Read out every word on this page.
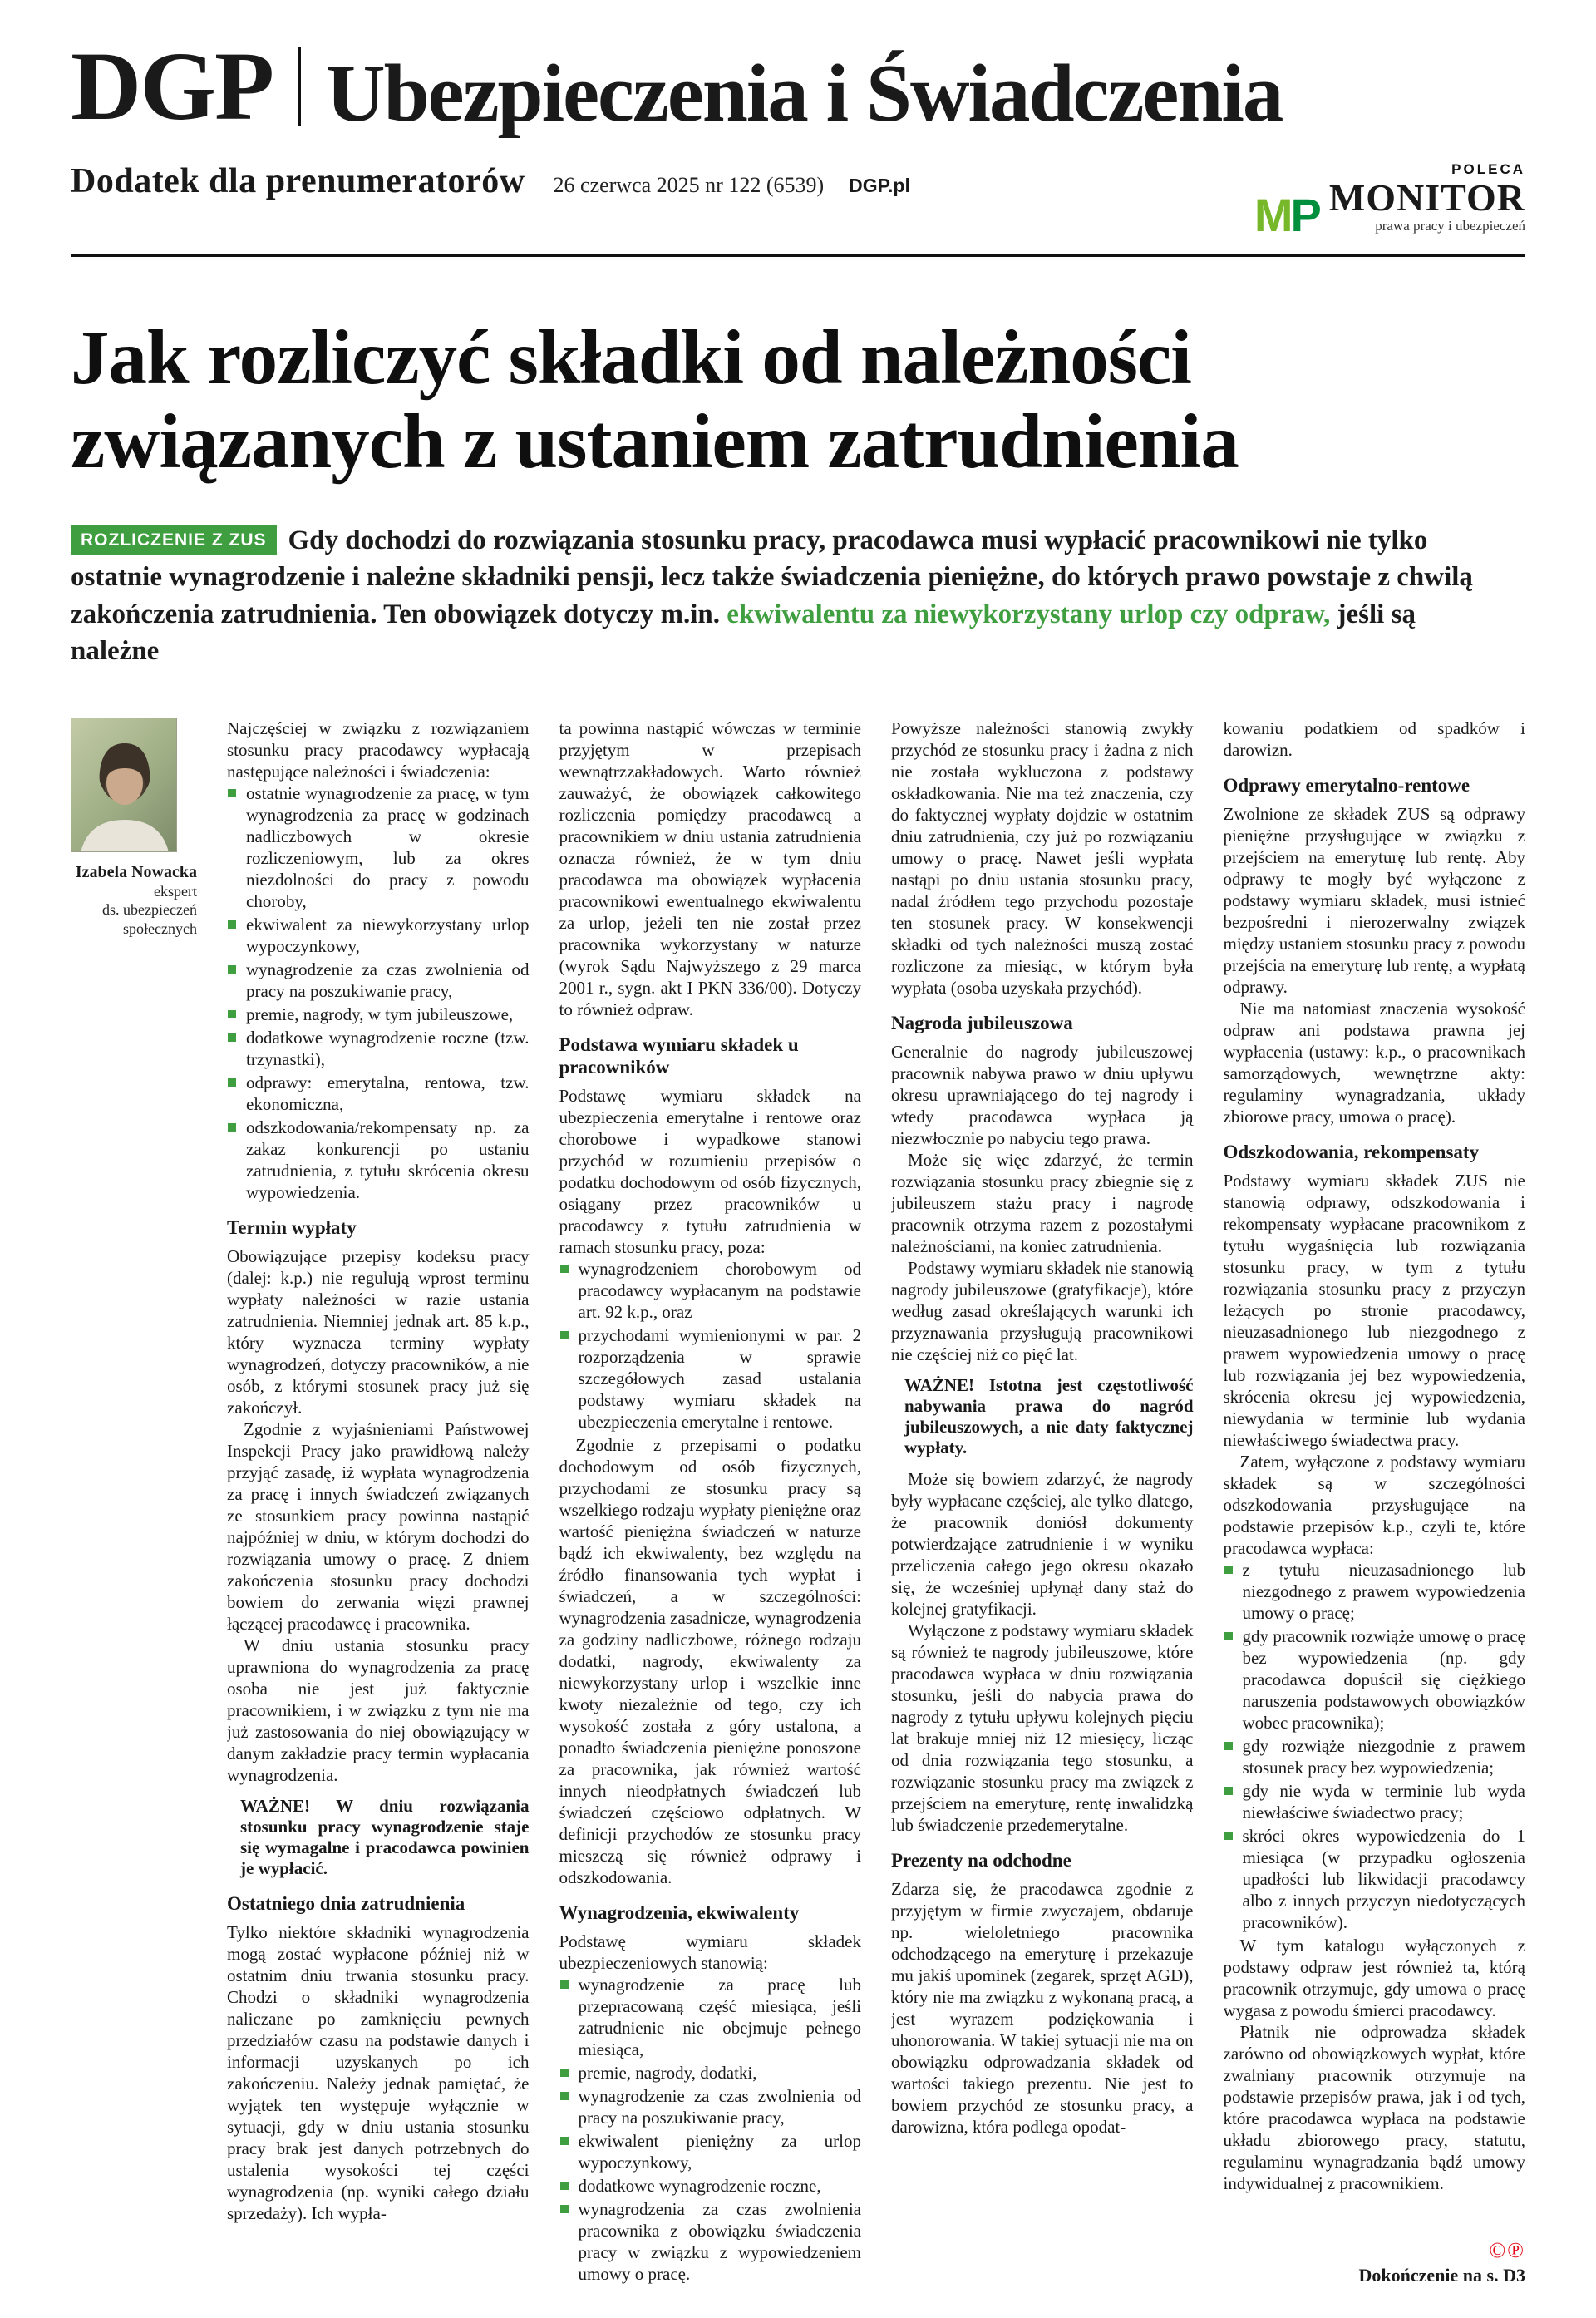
DGP Ubezpieczenia i Świadczenia
Dodatek dla prenumeratorów 26 czerwca 2025 nr 122 (6539) DGP.pl
POLECA
MP MONITOR
prawa pracy i ubezpieczeń
Jak rozliczyć składki od należności związanych z ustaniem zatrudnienia

ROZLICZENIE Z ZUS Gdy dochodzi do rozwiązania stosunku pracy, pracodawca musi wypłacić pracownikowi nie tylko ostatnie wynagrodzenie i należne składniki pensji, lecz także świadczenia pieniężne, do których prawo powstaje z chwilą zakończenia zatrudnienia. Ten obowiązek dotyczy m.in. ekwiwalentu za niewykorzystany urlop czy odpraw, jeśli są należne

Izabela Nowacka
ekspert
ds. ubezpieczeń
społecznych

Najczęściej w związku z rozwiązaniem stosunku pracy pracodawcy wypłacają następujące należności i świadczenia:

ostatnie wynagrodzenie za pracę, w tym wynagrodzenia za pracę w godzinach nadliczbowych w okresie rozliczeniowym, lub za okres niezdolności do pracy z powodu choroby,
ekwiwalent za niewykorzystany urlop wypoczynkowy,
wynagrodzenie za czas zwolnienia od pracy na poszukiwanie pracy,
premie, nagrody, w tym jubileuszowe,
dodatkowe wynagrodzenie roczne (tzw. trzynastki),
odprawy: emerytalna, rentowa, tzw. ekonomiczna,
odszkodowania/rekompensaty np. za zakaz konkurencji po ustaniu zatrudnienia, z tytułu skrócenia okresu wypowiedzenia.
Termin wypłaty

Obowiązujące przepisy kodeksu pracy (dalej: k.p.) nie regulują wprost terminu wypłaty należności w razie ustania zatrudnienia. Niemniej jednak art. 85 k.p., który wyznacza terminy wypłaty wynagrodzeń, dotyczy pracowników, a nie osób, z którymi stosunek pracy już się zakończył.

Zgodnie z wyjaśnieniami Państwowej Inspekcji Pracy jako prawidłową należy przyjąć zasadę, iż wypłata wynagrodzenia za pracę i innych świadczeń związanych ze stosunkiem pracy powinna nastąpić najpóźniej w dniu, w którym dochodzi do rozwiązania umowy o pracę. Z dniem zakończenia stosunku pracy dochodzi bowiem do zerwania więzi prawnej łączącej pracodawcę i pracownika.

W dniu ustania stosunku pracy uprawniona do wynagrodzenia za pracę osoba nie jest już faktycznie pracownikiem, i w związku z tym nie ma już zastosowania do niej obowiązujący w danym zakładzie pracy termin wypłacania wynagrodzenia.

WAŻNE! W dniu rozwiązania stosunku pracy wynagrodzenie staje się wymagalne i pracodawca powinien je wypłacić.

Ostatniego dnia zatrudnienia

Tylko niektóre składniki wynagrodzenia mogą zostać wypłacone później niż w ostatnim dniu trwania stosunku pracy. Chodzi o składniki wynagrodzenia naliczane po zamknięciu pewnych przedziałów czasu na podstawie danych i informacji uzyskanych po ich zakończeniu. Należy jednak pamiętać, że wyjątek ten występuje wyłącznie w sytuacji, gdy w dniu ustania stosunku pracy brak jest danych potrzebnych do ustalenia wysokości tej części wynagrodzenia (np. wyniki całego działu sprzedaży). Ich wypła-

ta powinna nastąpić wówczas w terminie przyjętym w przepisach wewnątrzzakładowych. Warto również zauważyć, że obowiązek całkowitego rozliczenia pomiędzy pracodawcą a pracownikiem w dniu ustania zatrudnienia oznacza również, że w tym dniu pracodawca ma obowiązek wypłacenia pracownikowi ewentualnego ekwiwalentu za urlop, jeżeli ten nie został przez pracownika wykorzystany w naturze (wyrok Sądu Najwyższego z 29 marca 2001 r., sygn. akt I PKN 336/00). Dotyczy to również odpraw.

Podstawa wymiaru składek u pracowników

Podstawę wymiaru składek na ubezpieczenia emerytalne i rentowe oraz chorobowe i wypadkowe stanowi przychód w rozumieniu przepisów o podatku dochodowym od osób fizycznych, osiągany przez pracowników u pracodawcy z tytułu zatrudnienia w ramach stosunku pracy, poza:

wynagrodzeniem chorobowym od pracodawcy wypłacanym na podstawie art. 92 k.p., oraz
przychodami wymienionymi w par. 2 rozporządzenia w sprawie szczegółowych zasad ustalania podstawy wymiaru składek na ubezpieczenia emerytalne i rentowe.

Zgodnie z przepisami o podatku dochodowym od osób fizycznych, przychodami ze stosunku pracy są wszelkiego rodzaju wypłaty pieniężne oraz wartość pieniężna świadczeń w naturze bądź ich ekwiwalenty, bez względu na źródło finansowania tych wypłat i świadczeń, a w szczególności: wynagrodzenia zasadnicze, wynagrodzenia za godziny nadliczbowe, różnego rodzaju dodatki, nagrody, ekwiwalenty za niewykorzystany urlop i wszelkie inne kwoty niezależnie od tego, czy ich wysokość została z góry ustalona, a ponadto świadczenia pieniężne ponoszone za pracownika, jak również wartość innych nieodpłatnych świadczeń lub świadczeń częściowo odpłatnych. W definicji przychodów ze stosunku pracy mieszczą się również odprawy i odszkodowania.

Wynagrodzenia, ekwiwalenty

Podstawę wymiaru składek ubezpieczeniowych stanowią:

wynagrodzenie za pracę lub przepracowaną część miesiąca, jeśli zatrudnienie nie obejmuje pełnego miesiąca,
premie, nagrody, dodatki,
wynagrodzenie za czas zwolnienia od pracy na poszukiwanie pracy,
ekwiwalent pieniężny za urlop wypoczynkowy,
dodatkowe wynagrodzenie roczne,
wynagrodzenia za czas zwolnienia pracownika z obowiązku świadczenia pracy w związku z wypowiedzeniem umowy o pracę.

Powyższe należności stanowią zwykły przychód ze stosunku pracy i żadna z nich nie została wykluczona z podstawy oskładkowania. Nie ma też znaczenia, czy do faktycznej wypłaty dojdzie w ostatnim dniu zatrudnienia, czy już po rozwiązaniu umowy o pracę. Nawet jeśli wypłata nastąpi po dniu ustania stosunku pracy, nadal źródłem tego przychodu pozostaje ten stosunek pracy. W konsekwencji składki od tych należności muszą zostać rozliczone za miesiąc, w którym była wypłata (osoba uzyskała przychód).

Nagroda jubileuszowa

Generalnie do nagrody jubileuszowej pracownik nabywa prawo w dniu upływu okresu uprawniającego do tej nagrody i wtedy pracodawca wypłaca ją niezwłocznie po nabyciu tego prawa.

Może się więc zdarzyć, że termin rozwiązania stosunku pracy zbiegnie się z jubileuszem stażu pracy i nagrodę pracownik otrzyma razem z pozostałymi należnościami, na koniec zatrudnienia.

Podstawy wymiaru składek nie stanowią nagrody jubileuszowe (gratyfikacje), które według zasad określających warunki ich przyznawania przysługują pracownikowi nie częściej niż co pięć lat.

WAŻNE! Istotna jest częstotliwość nabywania prawa do nagród jubileuszowych, a nie daty faktycznej wypłaty.

Może się bowiem zdarzyć, że nagrody były wypłacane częściej, ale tylko dlatego, że pracownik doniósł dokumenty potwierdzające zatrudnienie i w wyniku przeliczenia całego jego okresu okazało się, że wcześniej upłynął dany staż do kolejnej gratyfikacji.

Wyłączone z podstawy wymiaru składek są również te nagrody jubileuszowe, które pracodawca wypłaca w dniu rozwiązania stosunku, jeśli do nabycia prawa do nagrody z tytułu upływu kolejnych pięciu lat brakuje mniej niż 12 miesięcy, licząc od dnia rozwiązania tego stosunku, a rozwiązanie stosunku pracy ma związek z przejściem na emeryturę, rentę inwalidzką lub świadczenie przedemerytalne.

Prezenty na odchodne

Zdarza się, że pracodawca zgodnie z przyjętym w firmie zwyczajem, obdaruje np. wieloletniego pracownika odchodzącego na emeryturę i przekazuje mu jakiś upominek (zegarek, sprzęt AGD), który nie ma związku z wykonaną pracą, a jest wyrazem podziękowania i uhonorowania. W takiej sytuacji nie ma on obowiązku odprowadzania składek od wartości takiego prezentu. Nie jest to bowiem przychód ze stosunku pracy, a darowizna, która podlega opodat-

kowaniu podatkiem od spadków i darowizn.

Odprawy emerytalno-rentowe

Zwolnione ze składek ZUS są odprawy pieniężne przysługujące w związku z przejściem na emeryturę lub rentę. Aby odprawy te mogły być wyłączone z podstawy wymiaru składek, musi istnieć bezpośredni i nierozerwalny związek między ustaniem stosunku pracy z powodu przejścia na emeryturę lub rentę, a wypłatą odprawy.

Nie ma natomiast znaczenia wysokość odpraw ani podstawa prawna jej wypłacenia (ustawy: k.p., o pracownikach samorządowych, wewnętrzne akty: regulaminy wynagradzania, układy zbiorowe pracy, umowa o pracę).

Odszkodowania, rekompensaty

Podstawy wymiaru składek ZUS nie stanowią odprawy, odszkodowania i rekompensaty wypłacane pracownikom z tytułu wygaśnięcia lub rozwiązania stosunku pracy, w tym z tytułu rozwiązania stosunku pracy z przyczyn leżących po stronie pracodawcy, nieuzasadnionego lub niezgodnego z prawem wypowiedzenia umowy o pracę lub rozwiązania jej bez wypowiedzenia, skrócenia okresu jej wypowiedzenia, niewydania w terminie lub wydania niewłaściwego świadectwa pracy.

Zatem, wyłączone z podstawy wymiaru składek są w szczególności odszkodowania przysługujące na podstawie przepisów k.p., czyli te, które pracodawca wypłaca:

z tytułu nieuzasadnionego lub niezgodnego z prawem wypowiedzenia umowy o pracę;
gdy pracownik rozwiąże umowę o pracę bez wypowiedzenia (np. gdy pracodawca dopuścił się ciężkiego naruszenia podstawowych obowiązków wobec pracownika);
gdy rozwiąże niezgodnie z prawem stosunek pracy bez wypowiedzenia;
gdy nie wyda w terminie lub wyda niewłaściwe świadectwo pracy;
skróci okres wypowiedzenia do 1 miesiąca (w przypadku ogłoszenia upadłości lub likwidacji pracodawcy albo z innych przyczyn niedotyczących pracowników).

W tym katalogu wyłączonych z podstawy odpraw jest również ta, którą pracownik otrzymuje, gdy umowa o pracę wygasa z powodu śmierci pracodawcy.

Płatnik nie odprowadza składek zarówno od obowiązkowych wypłat, które zwalniany pracownik otrzymuje na podstawie przepisów prawa, jak i od tych, które pracodawca wypłaca na podstawie układu zbiorowego pracy, statutu, regulaminu wynagradzania bądź umowy indywidualnej z pracownikiem.

©℗
Dokończenie na s. D3
